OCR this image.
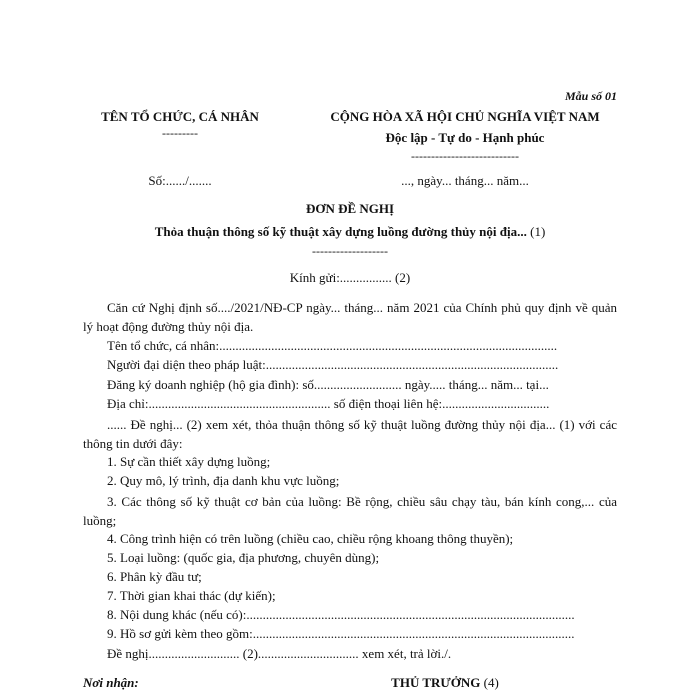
Mẫu số 01
TÊN TỔ CHỨC, CÁ NHÂN
---------
Số:....../.......
CỘNG HÒA XÃ HỘI CHỦ NGHĨA VIỆT NAM
Độc lập - Tự do - Hạnh phúc
---------------------------
..., ngày... tháng... năm...
ĐƠN ĐỀ NGHỊ
Thỏa thuận thông số kỹ thuật xây dựng luồng đường thủy nội địa... (1)
-------------------
Kính gửi:................ (2)
Căn cứ Nghị định số..../2021/NĐ-CP ngày... tháng... năm 2021 của Chính phủ quy định về quản lý hoạt động đường thủy nội địa.
Tên tổ chức, cá nhân:........................................................................................................
Người đại diện theo pháp luật:..........................................................................................
Đăng ký doanh nghiệp (hộ gia đình): số........................... ngày..... tháng... năm... tại...
Địa chỉ:........................................................ số điện thoại liên hệ:.................................
...... Đề nghị... (2) xem xét, thỏa thuận thông số kỹ thuật luồng đường thủy nội địa... (1) với các thông tin dưới đây:
1. Sự cần thiết xây dựng luồng;
2. Quy mô, lý trình, địa danh khu vực luồng;
3. Các thông số kỹ thuật cơ bản của luồng: Bề rộng, chiều sâu chạy tàu, bán kính cong,... của luồng;
4. Công trình hiện có trên luồng (chiều cao, chiều rộng khoang thông thuyền);
5. Loại luồng: (quốc gia, địa phương, chuyên dùng);
6. Phân kỳ đầu tư;
7. Thời gian khai thác (dự kiến);
8. Nội dung khác (nếu có):.....................................................................................................
9. Hồ sơ gửi kèm theo gồm:...................................................................................................
Đề nghị............................ (2)............................... xem xét, trả lời./.
Nơi nhận:	THỦ TRƯỞNG (4)
